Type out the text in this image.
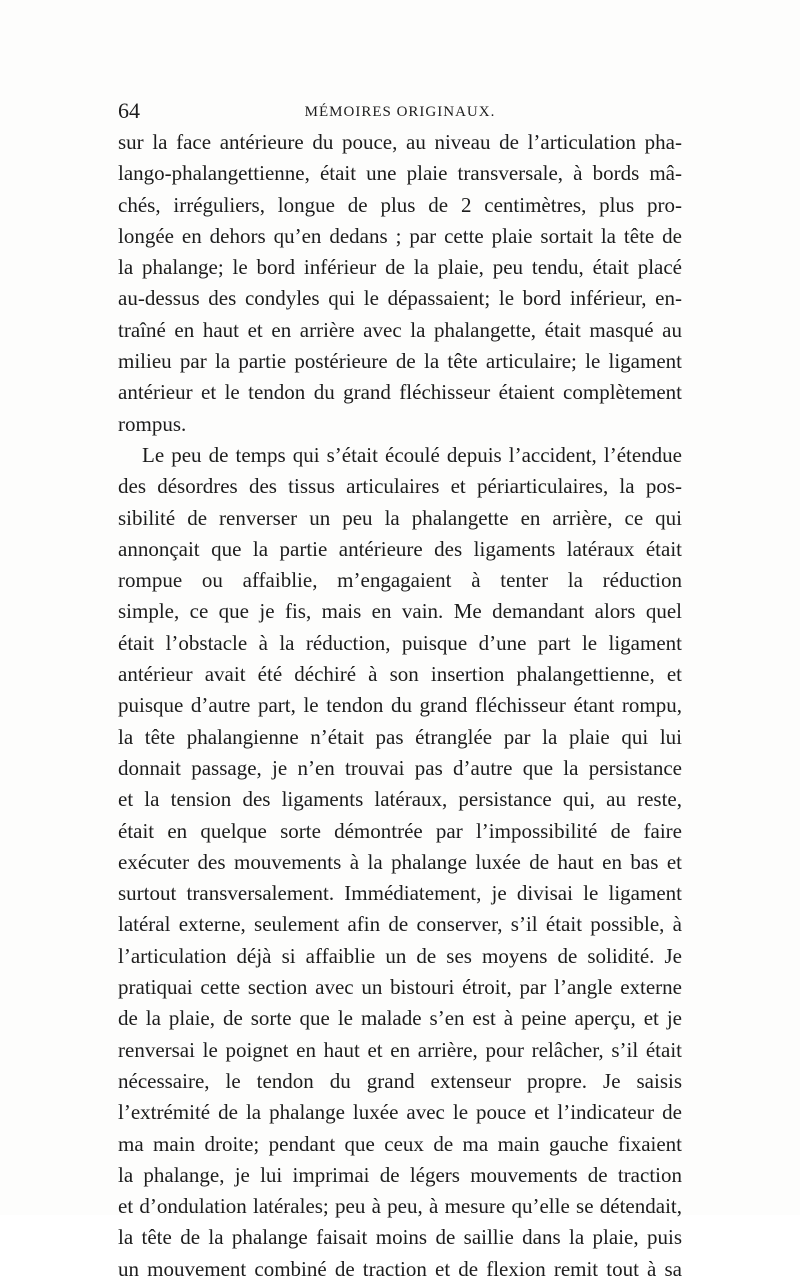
64	MÉMOIRES ORIGINAUX.
sur la face antérieure du pouce, au niveau de l’articulation pha-
lango-phalangettienne, était une plaie transversale, à bords mâ-
chés, irréguliers, longue de plus de 2 centimètres, plus pro-
longée en dehors qu’en dedans ; par cette plaie sortait la tête de
la phalange; le bord inférieur de la plaie, peu tendu, était placé
au-dessus des condyles qui le dépassaient; le bord inférieur, en-
traîné en haut et en arrière avec la phalangette, était masqué au
milieu par la partie postérieure de la tête articulaire; le ligament
antérieur et le tendon du grand fléchisseur étaient complètement
rompus.
Le peu de temps qui s’était écoulé depuis l’accident, l’étendue
des désordres des tissus articulaires et périarticulaires, la pos-
sibilité de renverser un peu la phalangette en arrière, ce qui
annonçait que la partie antérieure des ligaments latéraux était
rompue ou affaiblie, m’engagaient à tenter la réduction
simple, ce que je fis, mais en vain. Me demandant alors quel
était l’obstacle à la réduction, puisque d’une part le ligament
antérieur avait été déchiré à son insertion phalangettienne, et
puisque d’autre part, le tendon du grand fléchisseur étant rompu,
la tête phalangienne n’était pas étranglée par la plaie qui lui
donnait passage, je n’en trouvai pas d’autre que la persistance
et la tension des ligaments latéraux, persistance qui, au reste,
était en quelque sorte démontrée par l’impossibilité de faire
exécuter des mouvements à la phalange luxée de haut en bas et
surtout transversalement. Immédiatement, je divisai le ligament
latéral externe, seulement afin de conserver, s’il était possible, à
l’articulation déjà si affaiblie un de ses moyens de solidité. Je
pratiquai cette section avec un bistouri étroit, par l’angle externe
de la plaie, de sorte que le malade s’en est à peine aperçu, et je
renversai le poignet en haut et en arrière, pour relâcher, s’il était
nécessaire, le tendon du grand extenseur propre. Je saisis
l’extrémité de la phalange luxée avec le pouce et l’indicateur de
ma main droite; pendant que ceux de ma main gauche fixaient
la phalange, je lui imprimai de légers mouvements de traction
et d’ondulation latérales; peu à peu, à mesure qu’elle se détendait,
la tête de la phalange faisait moins de saillie dans la plaie, puis
un mouvement combiné de traction et de flexion remit tout à sa
